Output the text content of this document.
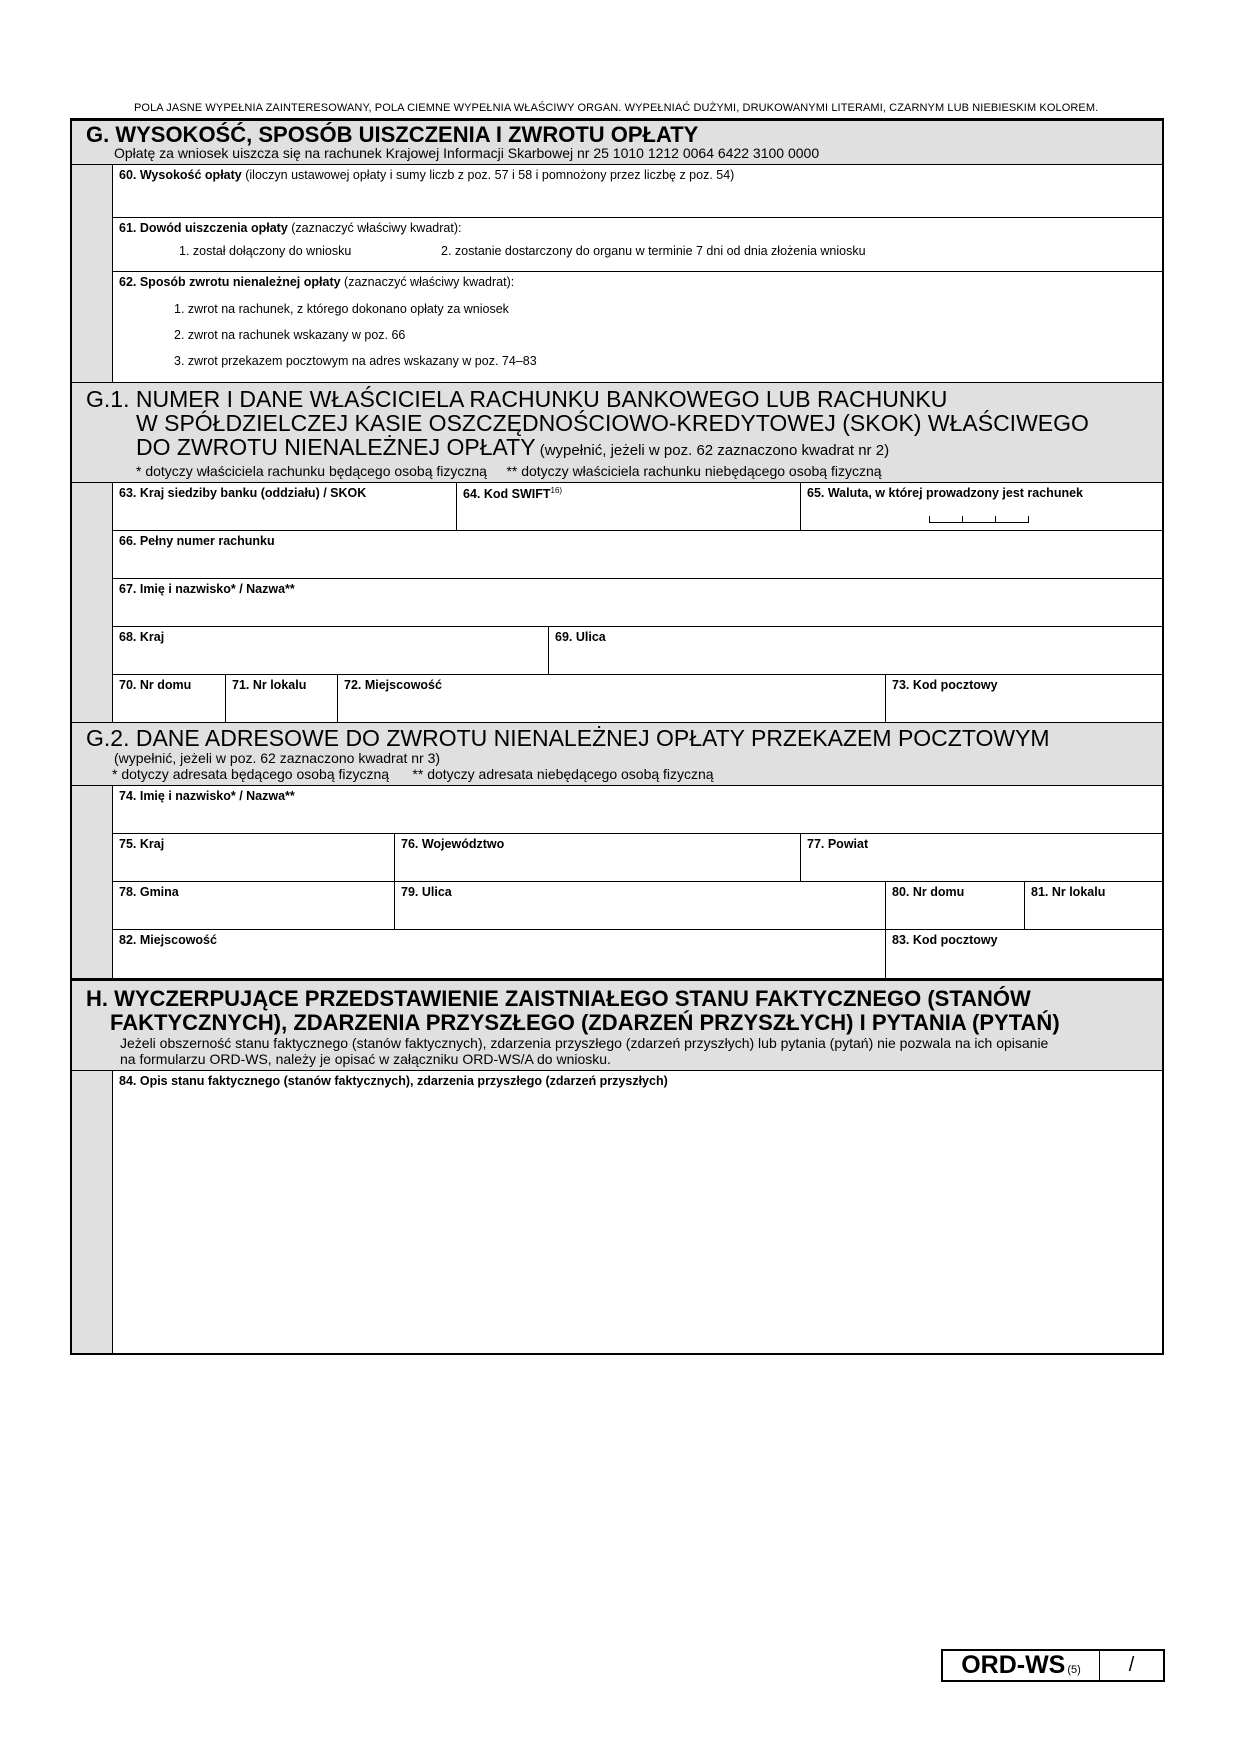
POLA JASNE WYPEŁNIA ZAINTERESOWANY, POLA CIEMNE WYPEŁNIA WŁAŚCIWY ORGAN. WYPEŁNIAĆ DUŻYMI, DRUKOWANYMI LITERAMI, CZARNYM LUB NIEBIESKIM KOLOREM.
G. WYSOKOŚĆ, SPOSÓB UISZCZENIA I ZWROTU OPŁATY

Opłatę za wniosek uiszcza się na rachunek Krajowej Informacji Skarbowej nr 25 1010 1212 0064 6422 3100 0000

60. Wysokość opłaty (iloczyn ustawowej opłaty i sumy liczb z poz. 57 i 58 i pomnożony przez liczbę z poz. 54)
61. Dowód uiszczenia opłaty (zaznaczyć właściwy kwadrat):
1. został dołączony do wniosku	2. zostanie dostarczony do organu w terminie 7 dni od dnia złożenia wniosku
62. Sposób zwrotu nienależnej opłaty (zaznaczyć właściwy kwadrat):
1. zwrot na rachunek, z którego dokonano opłaty za wniosek
2. zwrot na rachunek wskazany w poz. 66
3. zwrot przekazem pocztowym na adres wskazany w poz. 74–83

G.1. NUMER I DANE WŁAŚCICIELA RACHUNKU BANKOWEGO LUB RACHUNKU

W SPÓŁDZIELCZEJ KASIE OSZCZĘDNOŚCIOWO-KREDYTOWEJ (SKOK) WŁAŚCIWEGO

DO ZWROTU NIENALEŻNEJ OPŁATY (wypełnić, jeżeli w poz. 62 zaznaczono kwadrat nr 2)

* dotyczy właściciela rachunku będącego osobą fizyczną ** dotyczy właściciela rachunku niebędącego osobą fizyczną

63. Kraj siedziby banku (oddziału) / SKOK	64. Kod SWIFT$^{16)}$	65. Waluta, w której prowadzony jest rachunek
66. Pełny numer rachunku
67. Imię i nazwisko* / Nazwa**
68. Kraj	69. Ulica
70. Nr domu	71. Nr lokalu	72. Miejscowość	73. Kod pocztowy

G.2. DANE ADRESOWE DO ZWROTU NIENALEŻNEJ OPŁATY PRZEKAZEM POCZTOWYM

(wypełnić, jeżeli w poz. 62 zaznaczono kwadrat nr 3)

* dotyczy adresata będącego osobą fizyczną ** dotyczy adresata niebędącego osobą fizyczną

74. Imię i nazwisko* / Nazwa**
75. Kraj	76. Województwo	77. Powiat
78. Gmina	79. Ulica	80. Nr domu	81. Nr lokalu
82. Miejscowość	83. Kod pocztowy
H. WYCZERPUJĄCE PRZEDSTAWIENIE ZAISTNIAŁEGO STANU FAKTYCZNEGO (STANÓW
FAKTYCZNYCH), ZDARZENIA PRZYSZŁEGO (ZDARZEŃ PRZYSZŁYCH) I PYTANIA (PYTAŃ)

Jeżeli obszerność stanu faktycznego (stanów faktycznych), zdarzenia przyszłego (zdarzeń przyszłych) lub pytania (pytań) nie pozwala na ich opisanie

na formularzu ORD-WS, należy je opisać w załączniku ORD-WS/A do wniosku.

84. Opis stanu faktycznego (stanów faktycznych), zdarzenia przyszłego (zdarzeń przyszłych)
ORD-WS (5)	/
